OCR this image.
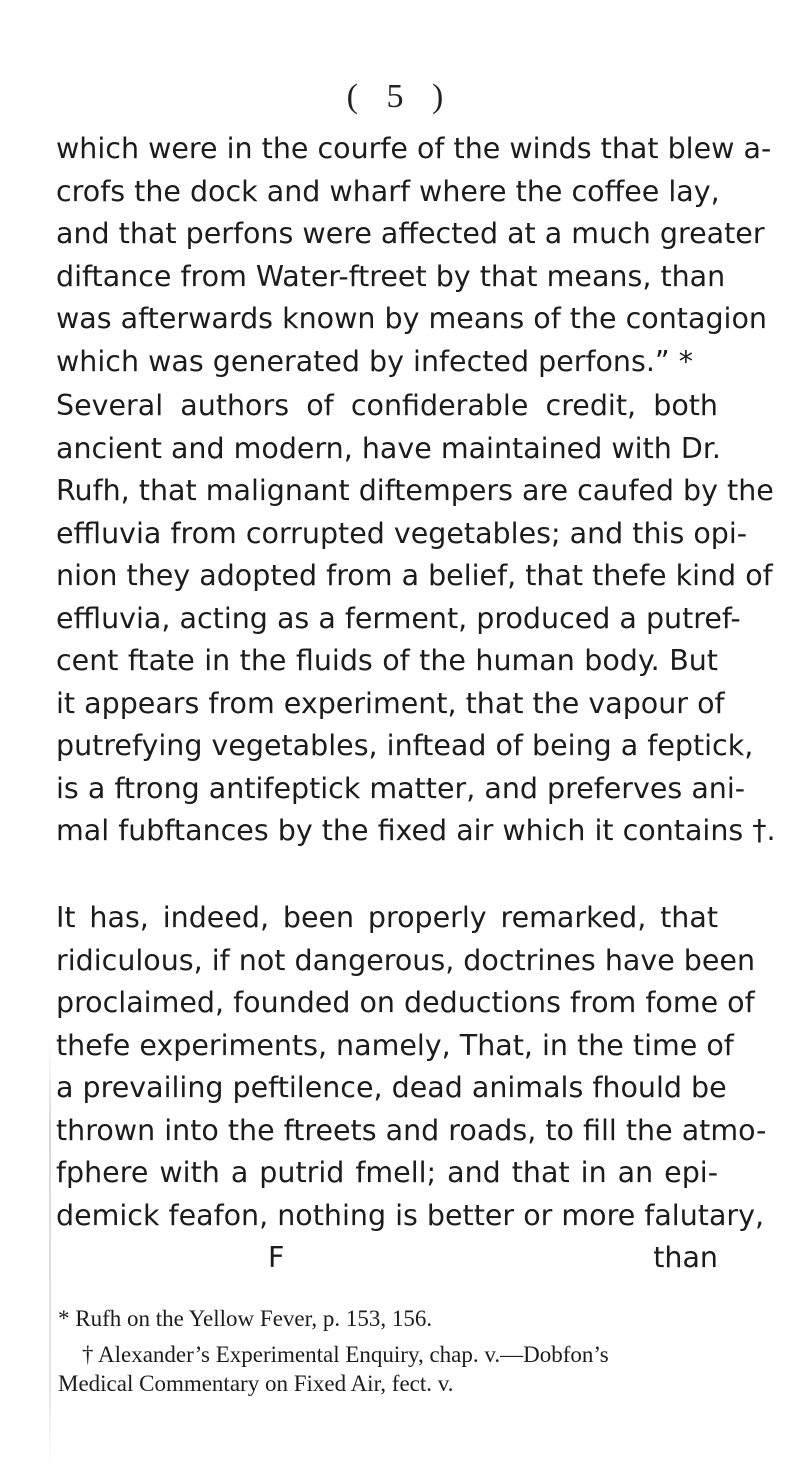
( 5 )
which were in the courfe of the winds that blew a-
crofs the dock and wharf where the coffee lay,
and that perfons were affected at a much greater
diftance from Water-ftreet by that means, than
was afterwards known by means of the contagion
which was generated by infected perfons.” *
Several authors of confiderable credit, both
ancient and modern, have maintained with Dr.
Rufh, that malignant diftempers are caufed by the
effluvia from corrupted vegetables; and this opi-
nion they adopted from a belief, that thefe kind of
effluvia, acting as a ferment, produced a putref-
cent ftate in the fluids of the human body. But
it appears from experiment, that the vapour of
putrefying vegetables, inftead of being a feptick,
is a ftrong antifeptick matter, and preferves ani-
mal fubftances by the fixed air which it contains †.
It has, indeed, been properly remarked, that
ridiculous, if not dangerous, doctrines have been
proclaimed, founded on deductions from fome of
thefe experiments, namely, That, in the time of
a prevailing peftilence, dead animals fhould be
thrown into the ftreets and roads, to fill the atmo-
fphere with a putrid fmell; and that in an epi-
demick feafon, nothing is better or more falutary,
F	than
* Rufh on the Yellow Fever, p. 153, 156.
† Alexander’s Experimental Enquiry, chap. v.—Dobfon’s
Medical Commentary on Fixed Air, fect. v.
